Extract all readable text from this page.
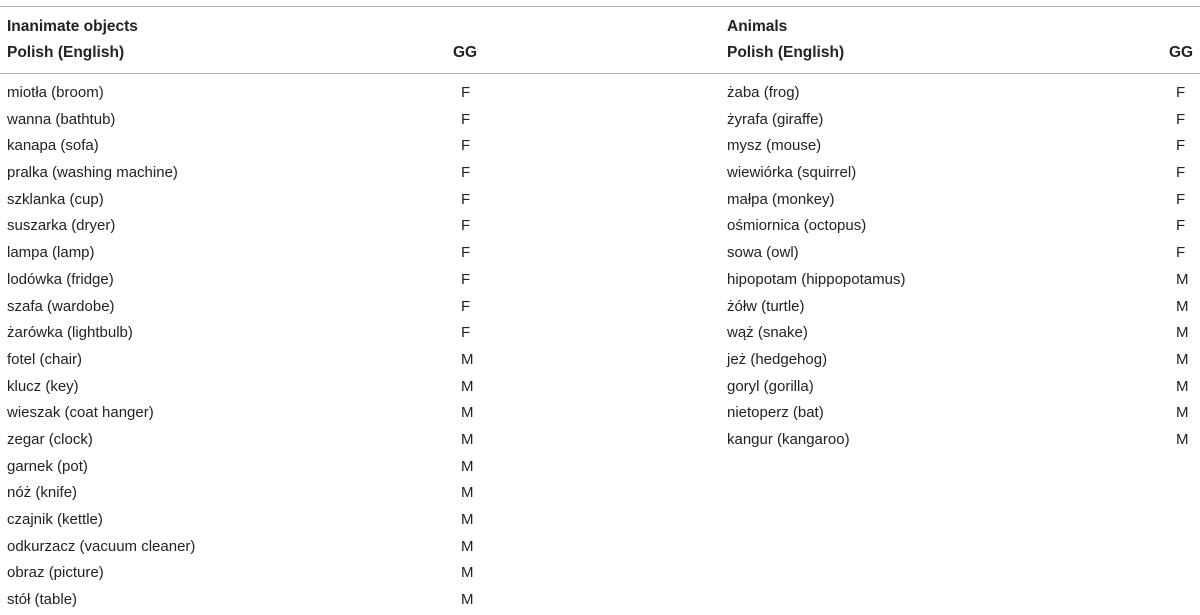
Inanimate objects
Polish (English)	GG
Animals
Polish (English)	GG
miotła (broom)	F
wanna (bathtub)	F
kanapa (sofa)	F
pralka (washing machine)	F
szklanka (cup)	F
suszarka (dryer)	F
lampa (lamp)	F
lodówka (fridge)	F
szafa (wardobe)	F
żarówka (lightbulb)	F
fotel (chair)	M
klucz (key)	M
wieszak (coat hanger)	M
zegar (clock)	M
garnek (pot)	M
nóż (knife)	M
czajnik (kettle)	M
odkurzacz (vacuum cleaner)	M
obraz (picture)	M
stół (table)	M
żaba (frog)	F
żyrafa (giraffe)	F
mysz (mouse)	F
wiewiórka (squirrel)	F
małpa (monkey)	F
ośmiornica (octopus)	F
sowa (owl)	F
hipopotam (hippopotamus)	M
żółw (turtle)	M
wąż (snake)	M
jeż (hedgehog)	M
goryl (gorilla)	M
nietoperz (bat)	M
kangur (kangaroo)	M
